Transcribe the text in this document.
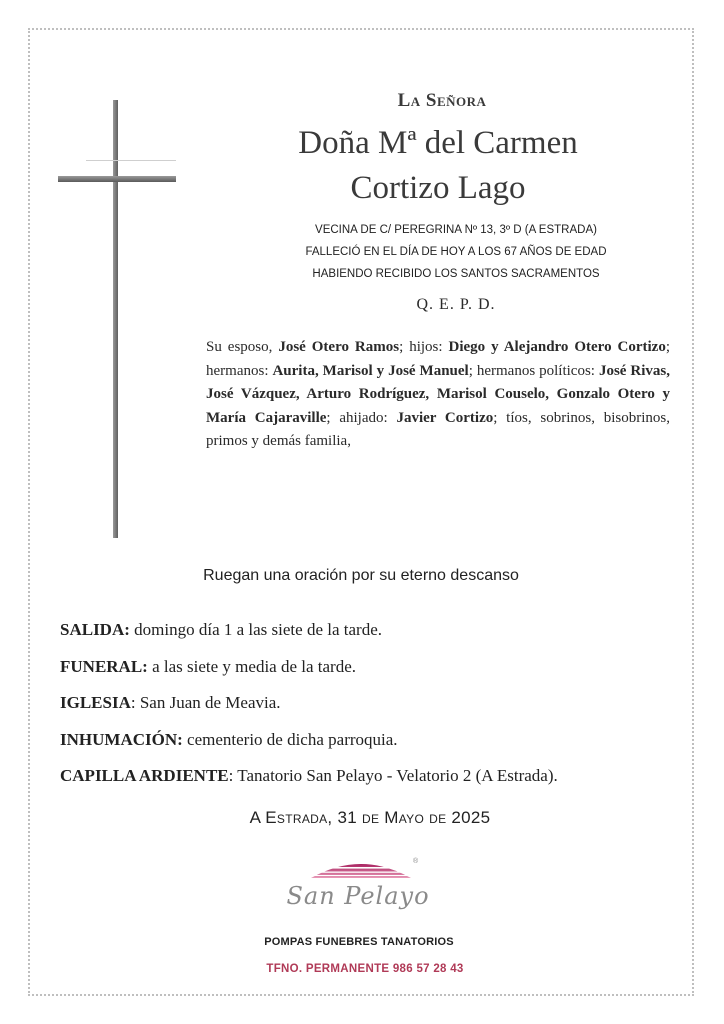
La Señora
Doña Mª del Carmen
Cortizo Lago
VECINA DE C/ PEREGRINA Nº 13, 3º D (A ESTRADA)
FALLECIÓ EN EL DÍA DE HOY A LOS 67 AÑOS DE EDAD
HABIENDO RECIBIDO LOS SANTOS SACRAMENTOS
Q. E. P. D.
Su esposo, José Otero Ramos; hijos: Diego y Alejandro Otero Cortizo; hermanos: Aurita, Marisol y José Manuel; hermanos políticos: José Rivas, José Vázquez, Arturo Rodríguez, Marisol Couselo, Gonzalo Otero y María Cajaraville; ahijado: Javier Cortizo; tíos, sobrinos, bisobrinos, primos y demás familia,
Ruegan una oración por su eterno descanso
SALIDA: domingo día 1 a las siete de la tarde.
FUNERAL: a las siete y media de la tarde.
IGLESIA: San Juan de Meavia.
INHUMACIÓN: cementerio de dicha parroquia.
CAPILLA ARDIENTE: Tanatorio San Pelayo - Velatorio 2 (A Estrada).
A Estrada, 31 de Mayo de 2025
®
San Pelayo
POMPAS FUNEBRES TANATORIOS
TFNO. PERMANENTE 986 57 28 43
